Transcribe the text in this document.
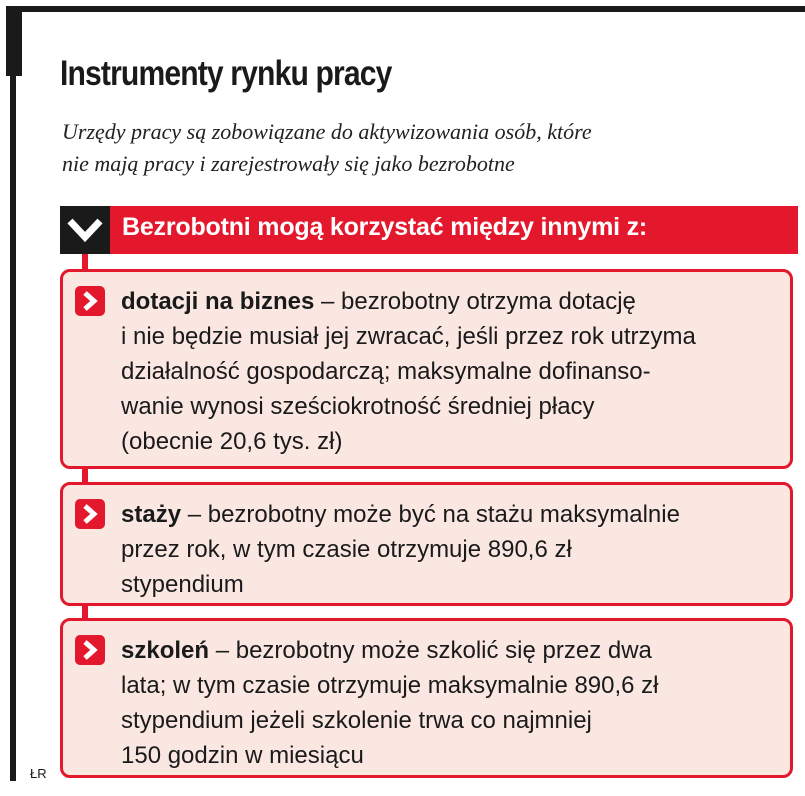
Instrumenty rynku pracy

Urzędy pracy są zobowiązane do aktywizowania osób, które
nie mają pracy i zarejestrowały się jako bezrobotne

Bezrobotni mogą korzystać między innymi z:

dotacji na biznes – bezrobotny otrzyma dotację
i nie będzie musiał jej zwracać, jeśli przez rok utrzyma
działalność gospodarczą; maksymalne dofinanso-
wanie wynosi sześciokrotność średniej płacy
(obecnie 20,6 tys. zł)

staży – bezrobotny może być na stażu maksymalnie
przez rok, w tym czasie otrzymuje 890,6 zł
stypendium

szkoleń – bezrobotny może szkolić się przez dwa
lata; w tym czasie otrzymuje maksymalnie 890,6 zł
stypendium jeżeli szkolenie trwa co najmniej
150 godzin w miesiącu

ŁR
